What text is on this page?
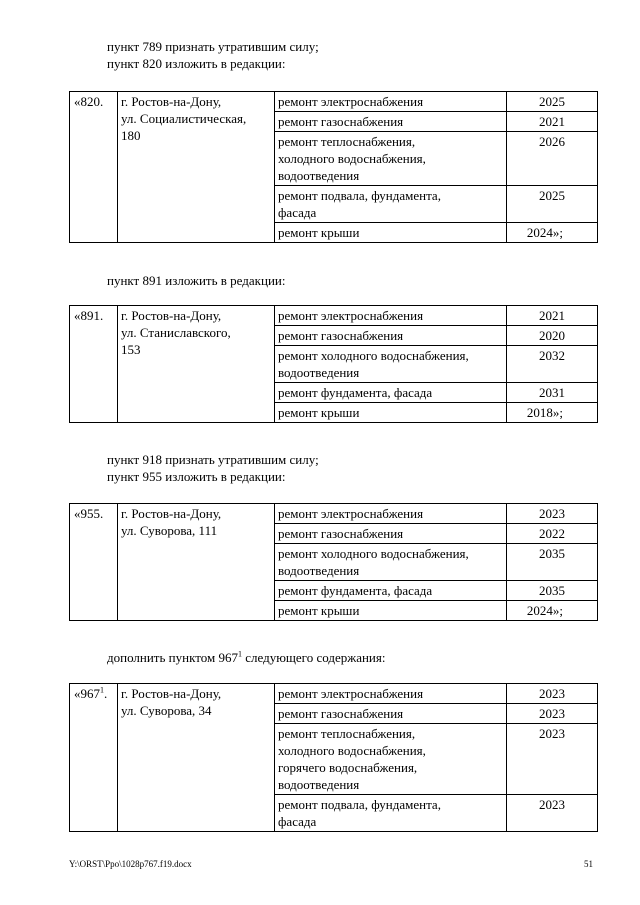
пункт 789 признать утратившим силу;
пункт 820 изложить в редакции:
«820.	г. Ростов-на-Дону,
ул. Социалистическая,
180	ремонт электроснабжения	2025
		ремонт газоснабжения	2021

		ремонт теплоснабжения,
холодного водоснабжения,
водоотведения	2026

		ремонт подвала, фундамента,
фасада	2025
		ремонт крыши	2024»;
пункт 891 изложить в редакции:
«891.	г. Ростов-на-Дону,
ул. Станиславского,
153	ремонт электроснабжения	2021
		ремонт газоснабжения	2020

		ремонт холодного водоснабжения,
водоотведения	2032
		ремонт фундамента, фасада	2031
		ремонт крыши	2018»;
пункт 918 признать утратившим силу;
пункт 955 изложить в редакции:
«955.	г. Ростов-на-Дону,
ул. Суворова, 111	ремонт электроснабжения	2023
		ремонт газоснабжения	2022

		ремонт холодного водоснабжения,
водоотведения	2035
		ремонт фундамента, фасада	2035
		ремонт крыши	2024»;
дополнить пунктом $967^1$ следующего содержания:
«$967^1$.	г. Ростов-на-Дону,
ул. Суворова, 34	ремонт электроснабжения	2023
		ремонт газоснабжения	2023

		ремонт теплоснабжения,
холодного водоснабжения,
горячего водоснабжения,
водоотведения	2023

		ремонт подвала, фундамента,
фасада	2023
Y:\ORST\Ppo\1028p767.f19.docx	51
